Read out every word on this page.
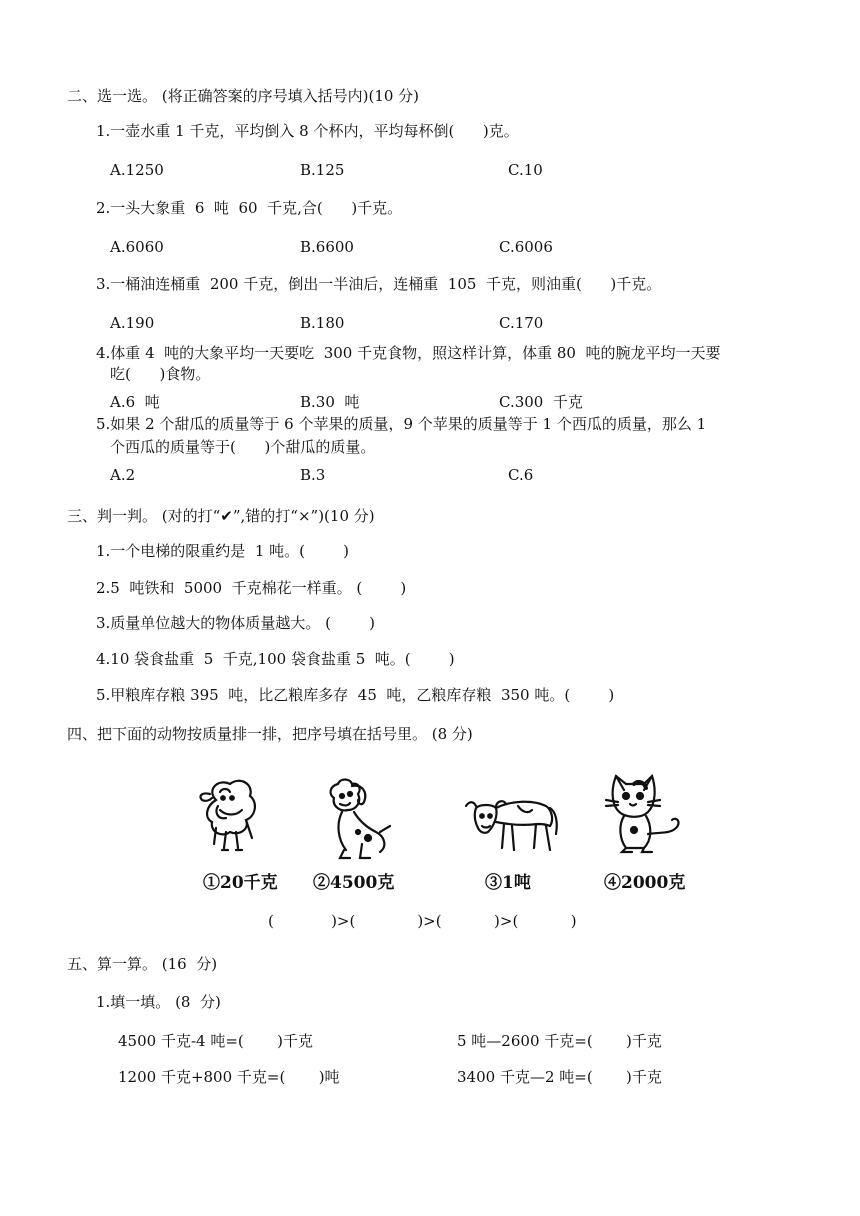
二、选一选。 (将正确答案的序号填入括号内)(10 分)
1.一壶水重 1 千克，平均倒入 8 个杯内，平均每杯倒(      )克。
A.1250	B.125	C.10
2.一头大象重  6  吨  60  千克,合(      )千克。
A.6060	B.6600	C.6006
3.一桶油连桶重  200 千克，倒出一半油后，连桶重  105  千克，则油重(      )千克。
A.190	B.180	C.170
4.体重 4  吨的大象平均一天要吃  300 千克食物，照这样计算，体重 80  吨的腕龙平均一天要
吃(      )食物。
A.6  吨	B.30  吨	C.300  千克
5.如果 2 个甜瓜的质量等于 6 个苹果的质量，9 个苹果的质量等于 1 个西瓜的质量，那么 1
个西瓜的质量等于(      )个甜瓜的质量。
A.2	B.3	C.6
三、判一判。 (对的打“✔”,错的打“×”)(10 分)
1.一个电梯的限重约是  1 吨。(        )
2.5  吨铁和  5000  千克棉花一样重。 (        )
3.质量单位越大的物体质量越大。 (        )
4.10 袋食盐重  5  千克,100 袋食盐重 5  吨。(        )
5.甲粮库存粮 395  吨，比乙粮库多存  45  吨，乙粮库存粮  350 吨。(        )
四、把下面的动物按质量排一排，把序号填在括号里。 (8 分)
①20千克 ②4500克	③1吨	④2000克
(            )>(             )>(           )>(           )
五、算一算。 (16  分)
1.填一填。 (8  分)
4500 千克-4 吨=(       )千克	5 吨—2600 千克=(       )千克
1200 千克+800 千克=(       )吨	3400 千克—2 吨=(       )千克
